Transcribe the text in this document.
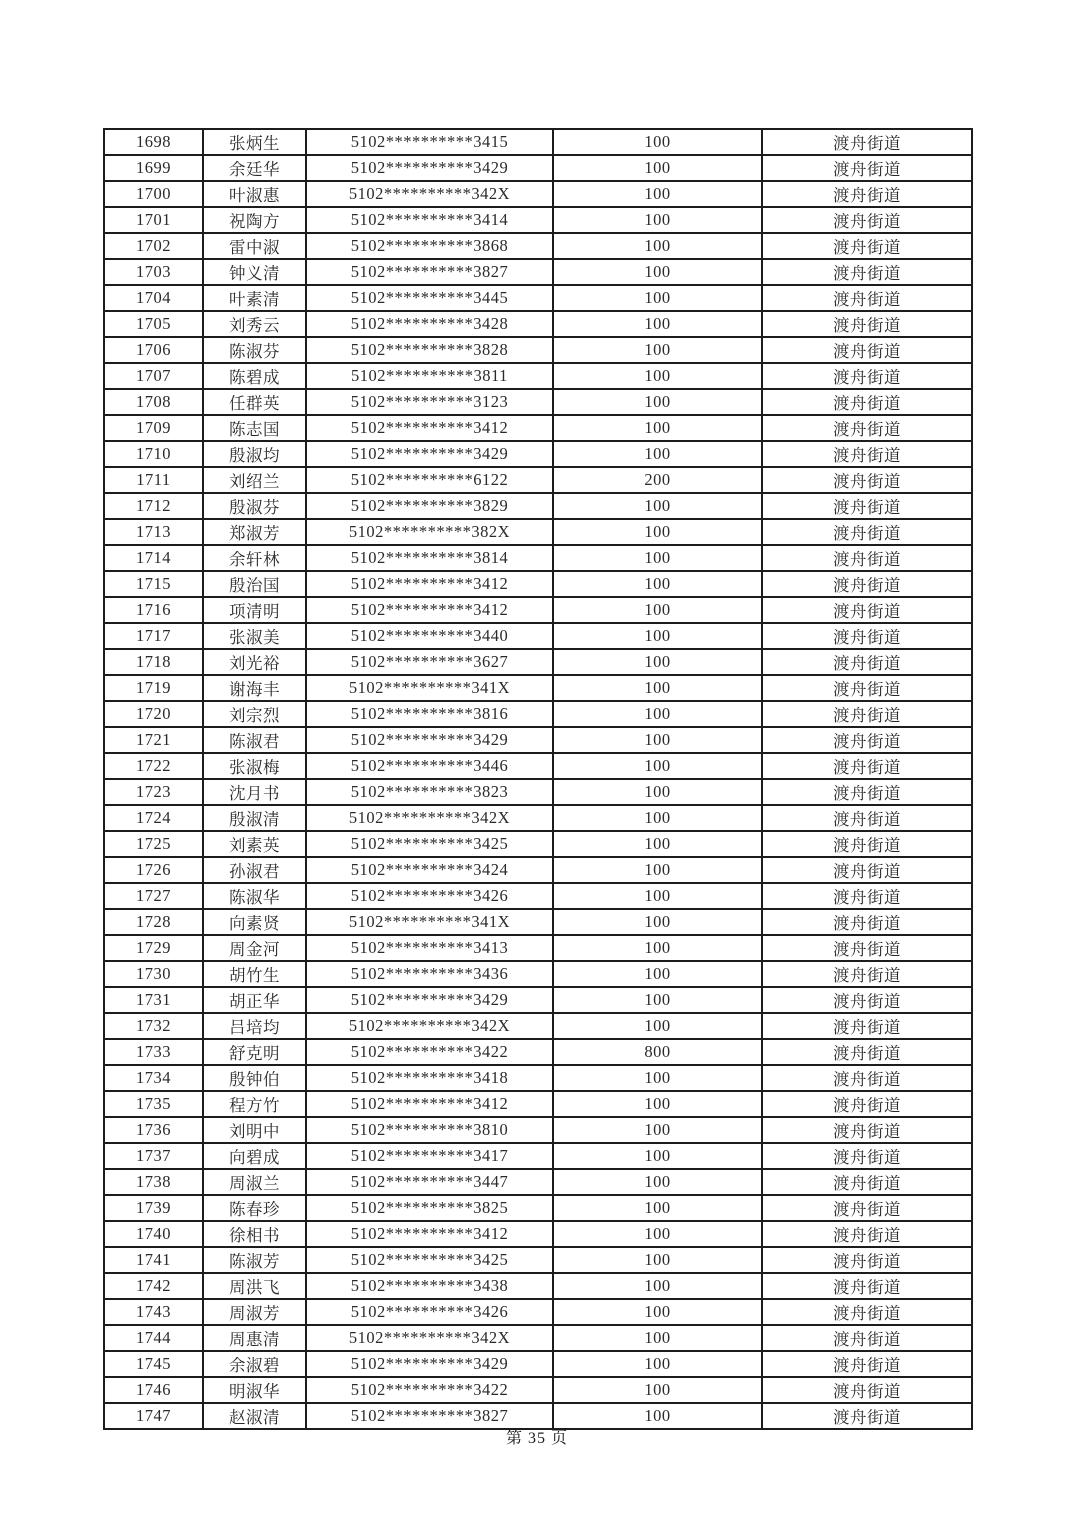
1698	张炳生	5102**********3415	100	渡舟街道
1699	余廷华	5102**********3429	100	渡舟街道
1700	叶淑惠	5102**********342X	100	渡舟街道
1701	祝陶方	5102**********3414	100	渡舟街道
1702	雷中淑	5102**********3868	100	渡舟街道
1703	钟义清	5102**********3827	100	渡舟街道
1704	叶素清	5102**********3445	100	渡舟街道
1705	刘秀云	5102**********3428	100	渡舟街道
1706	陈淑芬	5102**********3828	100	渡舟街道
1707	陈碧成	5102**********3811	100	渡舟街道
1708	任群英	5102**********3123	100	渡舟街道
1709	陈志国	5102**********3412	100	渡舟街道
1710	殷淑均	5102**********3429	100	渡舟街道
1711	刘绍兰	5102**********6122	200	渡舟街道
1712	殷淑芬	5102**********3829	100	渡舟街道
1713	郑淑芳	5102**********382X	100	渡舟街道
1714	余轩林	5102**********3814	100	渡舟街道
1715	殷治国	5102**********3412	100	渡舟街道
1716	项清明	5102**********3412	100	渡舟街道
1717	张淑美	5102**********3440	100	渡舟街道
1718	刘光裕	5102**********3627	100	渡舟街道
1719	谢海丰	5102**********341X	100	渡舟街道
1720	刘宗烈	5102**********3816	100	渡舟街道
1721	陈淑君	5102**********3429	100	渡舟街道
1722	张淑梅	5102**********3446	100	渡舟街道
1723	沈月书	5102**********3823	100	渡舟街道
1724	殷淑清	5102**********342X	100	渡舟街道
1725	刘素英	5102**********3425	100	渡舟街道
1726	孙淑君	5102**********3424	100	渡舟街道
1727	陈淑华	5102**********3426	100	渡舟街道
1728	向素贤	5102**********341X	100	渡舟街道
1729	周金河	5102**********3413	100	渡舟街道
1730	胡竹生	5102**********3436	100	渡舟街道
1731	胡正华	5102**********3429	100	渡舟街道
1732	吕培均	5102**********342X	100	渡舟街道
1733	舒克明	5102**********3422	800	渡舟街道
1734	殷钟伯	5102**********3418	100	渡舟街道
1735	程方竹	5102**********3412	100	渡舟街道
1736	刘明中	5102**********3810	100	渡舟街道
1737	向碧成	5102**********3417	100	渡舟街道
1738	周淑兰	5102**********3447	100	渡舟街道
1739	陈春珍	5102**********3825	100	渡舟街道
1740	徐相书	5102**********3412	100	渡舟街道
1741	陈淑芳	5102**********3425	100	渡舟街道
1742	周洪飞	5102**********3438	100	渡舟街道
1743	周淑芳	5102**********3426	100	渡舟街道
1744	周惠清	5102**********342X	100	渡舟街道
1745	余淑碧	5102**********3429	100	渡舟街道
1746	明淑华	5102**********3422	100	渡舟街道
1747	赵淑清	5102**********3827	100	渡舟街道
第 35 页
